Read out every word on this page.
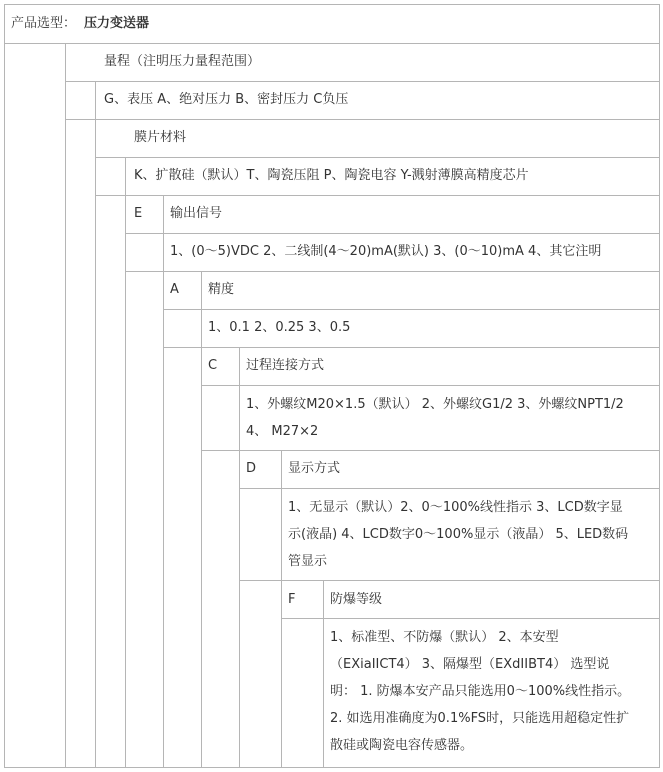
产品选型： 压力变送器
量程（注明压力量程范围）
G、表压 A、绝对压力 B、密封压力 C负压
膜片材料
K、扩散硅（默认）T、陶瓷压阻 P、陶瓷电容 Y-溅射薄膜高精度芯片
E 输出信号
1、(0～5)VDC 2、二线制(4～20)mA(默认) 3、(0～10)mA 4、其它注明
A 精度
1、0.1 2、0.25 3、0.5
C 过程连接方式
1、外螺纹M20×1.5（默认） 2、外螺纹G1/2 3、外螺纹NPT1/2
4、 M27×2
D 显示方式
1、无显示（默认）2、0～100%线性指示 3、LCD数字显
示(液晶) 4、LCD数字0～100%显示（液晶） 5、LED数码
管显示
F	防爆等级
1、标准型、不防爆（默认） 2、本安型
（EXiaIICT4） 3、隔爆型（EXdIIBT4） 选型说
明： 1. 防爆本安产品只能选用0～100%线性指示。
2. 如选用准确度为0.1%FS时，只能选用超稳定性扩
散硅或陶瓷电容传感器。
